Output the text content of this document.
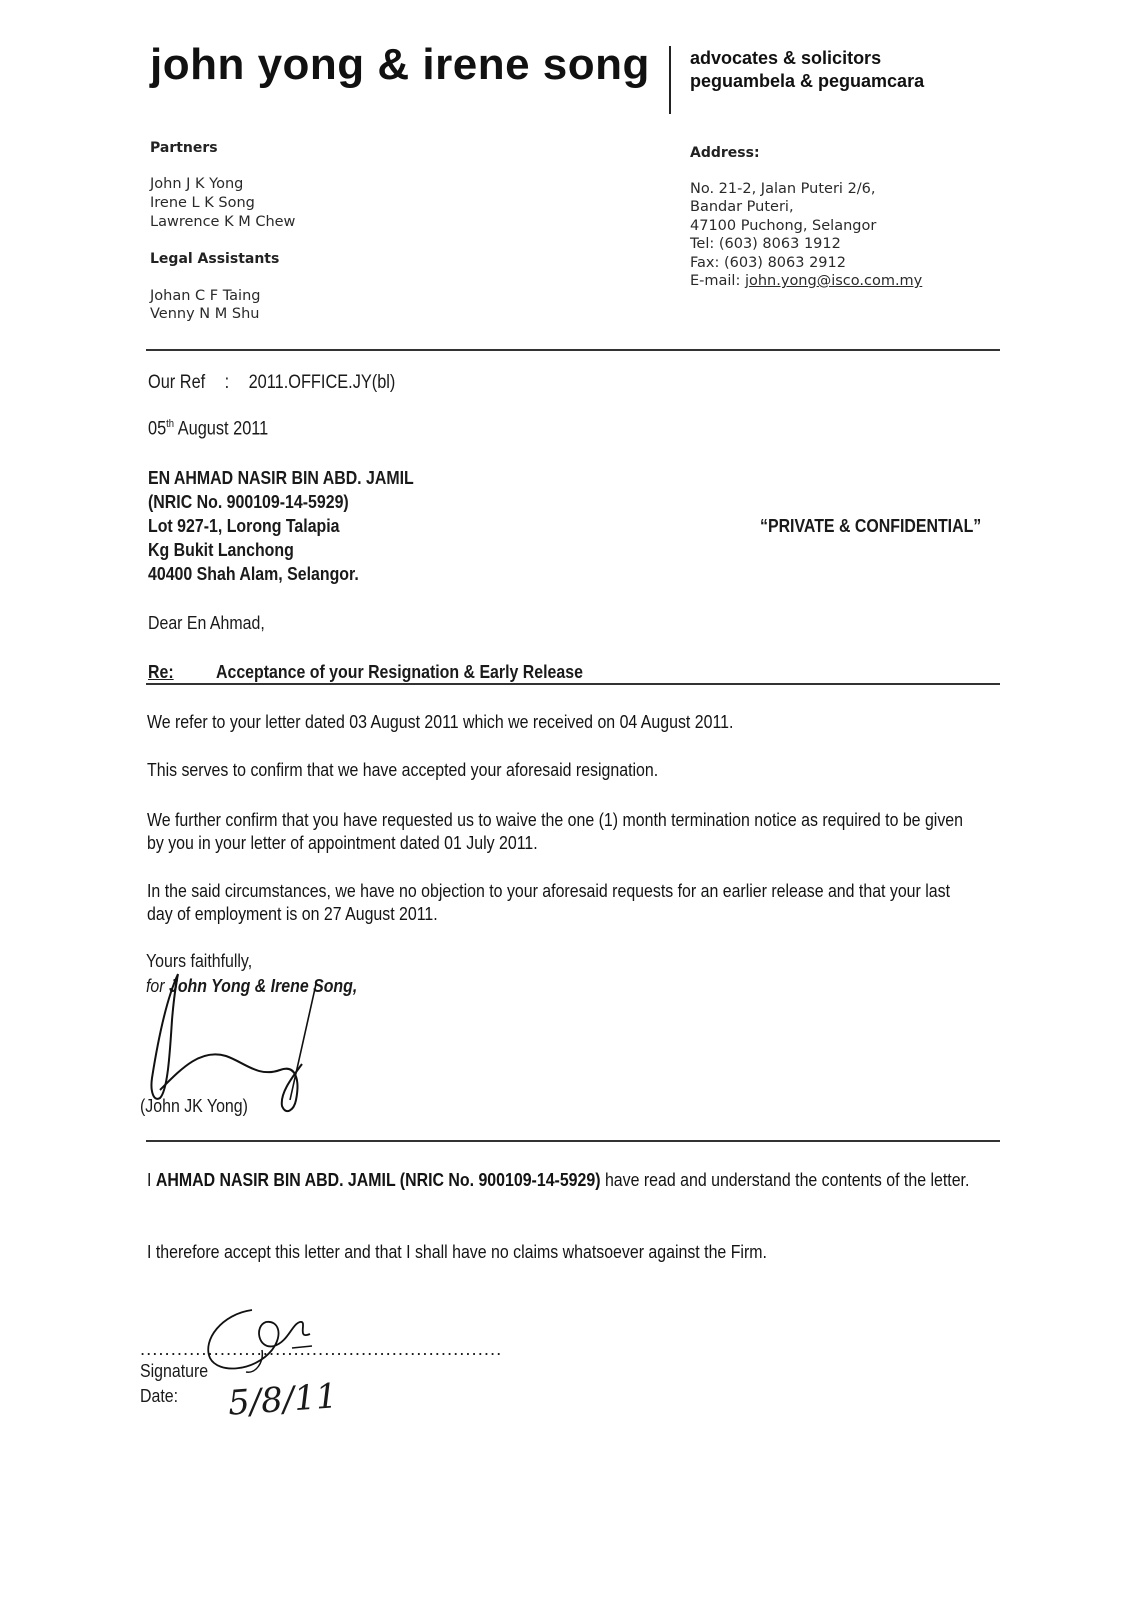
john yong & irene song advocates & solicitors
peguambela & peguamcara
Partners
John J K Yong
Irene L K Song
Lawrence K M Chew
Legal Assistants
Johan C F Taing
Venny N M Shu
Address:
No. 21-2, Jalan Puteri 2/6,
Bandar Puteri,
47100 Puchong, Selangor
Tel: (603) 8063 1912
Fax: (603) 8063 2912
E-mail: john.yong@isco.com.my
Our Ref : 2011.OFFICE.JY(bl)
05th August 2011
EN AHMAD NASIR BIN ABD. JAMIL
(NRIC No. 900109-14-5929)
Lot 927-1, Lorong Talapia
Kg Bukit Lanchong
40400 Shah Alam, Selangor.
“PRIVATE & CONFIDENTIAL”
Dear En Ahmad,
Re: Acceptance of your Resignation & Early Release
We refer to your letter dated 03 August 2011 which we received on 04 August 2011.
This serves to confirm that we have accepted your aforesaid resignation.
We further confirm that you have requested us to waive the one (1) month termination notice as required to be given by you in your letter of appointment dated 01 July 2011.
In the said circumstances, we have no objection to your aforesaid requests for an earlier release and that your last day of employment is on 27 August 2011.
Yours faithfully,
for John Yong & Irene Song,
(John JK Yong)
I AHMAD NASIR BIN ABD. JAMIL (NRIC No. 900109-14-5929) have read and understand the contents of the letter.
I therefore accept this letter and that I shall have no claims whatsoever against the Firm.
...........................................................
Signature
Date: 5/8/11
